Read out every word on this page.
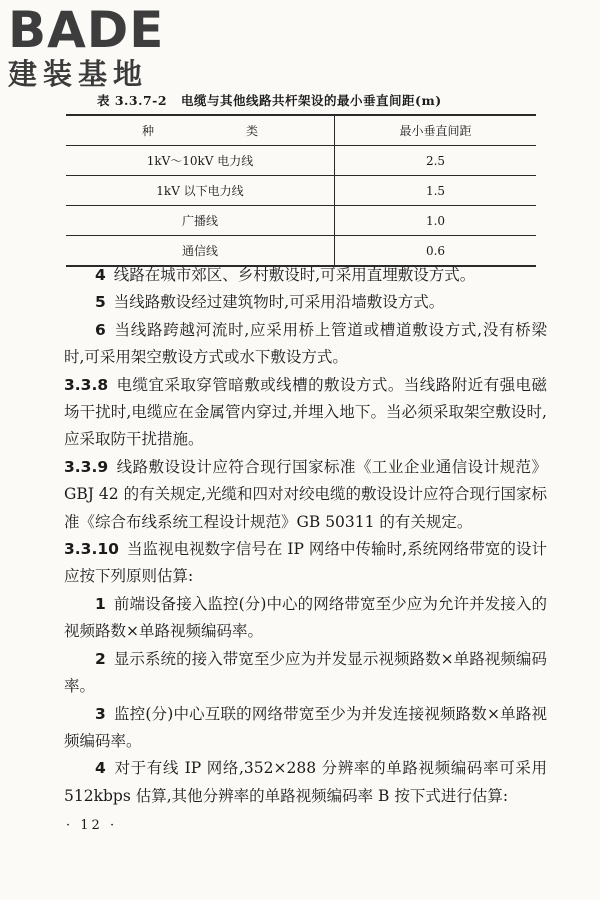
BADE
建装基地
表 3.3.7-2 电缆与其他线路共杆架设的最小垂直间距(m)
种　类	最小垂直间距
1kV～10kV 电力线	2.5
1kV 以下电力线	1.5
广播线	1.0
通信线	0.6

4 线路在城市郊区、乡村敷设时,可采用直埋敷设方式。

5 当线路敷设经过建筑物时,可采用沿墙敷设方式。

6 当线路跨越河流时,应采用桥上管道或槽道敷设方式,没有桥梁时,可采用架空敷设方式或水下敷设方式。

3.3.8 电缆宜采取穿管暗敷或线槽的敷设方式。当线路附近有强电磁场干扰时,电缆应在金属管内穿过,并埋入地下。当必须采取架空敷设时,应采取防干扰措施。

3.3.9 线路敷设设计应符合现行国家标准《工业企业通信设计规范》GBJ 42 的有关规定,光缆和四对对绞电缆的敷设设计应符合现行国家标准《综合布线系统工程设计规范》GB 50311 的有关规定。

3.3.10 当监视电视数字信号在 IP 网络中传输时,系统网络带宽的设计应按下列原则估算:

1 前端设备接入监控(分)中心的网络带宽至少应为允许并发接入的视频路数×单路视频编码率。

2 显示系统的接入带宽至少应为并发显示视频路数×单路视频编码率。

3 监控(分)中心互联的网络带宽至少为并发连接视频路数×单路视频编码率。

4 对于有线 IP 网络,352×288 分辨率的单路视频编码率可采用 512kbps 估算,其他分辨率的单路视频编码率 B 按下式进行估算:

· 12 ·
